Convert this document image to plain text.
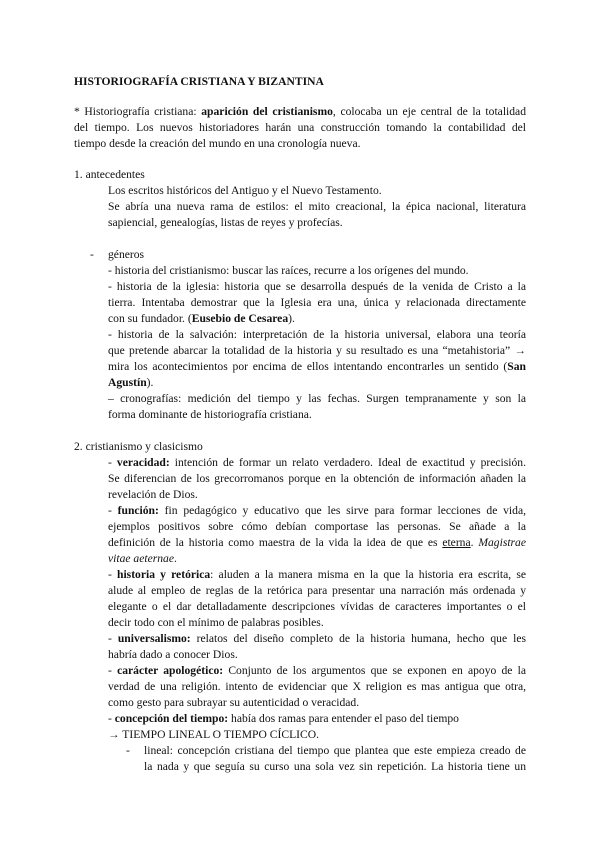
HISTORIOGRAFÍA CRISTIANA Y BIZANTINA
* Historiografía cristiana: aparición del cristianismo, colocaba un eje central de la totalidad
del tiempo. Los nuevos historiadores harán una construcción tomando la contabilidad del
tiempo desde la creación del mundo en una cronología nueva.
1. antecedentes
Los escritos históricos del Antiguo y el Nuevo Testamento.
Se abría una nueva rama de estilos: el mito creacional, la épica nacional, literatura
sapiencial, genealogías, listas de reyes y profecías.
- géneros
- historia del cristianismo: buscar las raíces, recurre a los orígenes del mundo.
- historia de la iglesia: historia que se desarrolla después de la venida de Cristo a la
tierra. Intentaba demostrar que la Iglesia era una, única y relacionada directamente
con su fundador. (Eusebio de Cesarea).
- historia de la salvación: interpretación de la historia universal, elabora una teoría
que pretende abarcar la totalidad de la historia y su resultado es una “metahistoria” →
mira los acontecimientos por encima de ellos intentando encontrarles un sentido (San
Agustín).
– cronografías: medición del tiempo y las fechas. Surgen tempranamente y son la
forma dominante de historiografía cristiana.
2. cristianismo y clasicismo
- veracidad: intención de formar un relato verdadero. Ideal de exactitud y precisión.
Se diferencian de los grecorromanos porque en la obtención de información añaden la
revelación de Dios.
- función: fin pedagógico y educativo que les sirve para formar lecciones de vida,
ejemplos positivos sobre cómo debían comportase las personas. Se añade a la
definición de la historia como maestra de la vida la idea de que es eterna. Magistrae
vitae aeternae.
- historia y retórica: aluden a la manera misma en la que la historia era escrita, se
alude al empleo de reglas de la retórica para presentar una narración más ordenada y
elegante o el dar detalladamente descripciones vívidas de caracteres importantes o el
decir todo con el mínimo de palabras posibles.
- universalismo: relatos del diseño completo de la historia humana, hecho que les
habría dado a conocer Dios.
- carácter apologético: Conjunto de los argumentos que se exponen en apoyo de la
verdad de una religión. intento de evidenciar que X religion es mas antigua que otra,
como gesto para subrayar su autenticidad o veracidad.
- concepción del tiempo: había dos ramas para entender el paso del tiempo
→ TIEMPO LINEAL O TIEMPO CÍCLICO.
- lineal: concepción cristiana del tiempo que plantea que este empieza creado de
la nada y que seguía su curso una sola vez sin repetición. La historia tiene un
